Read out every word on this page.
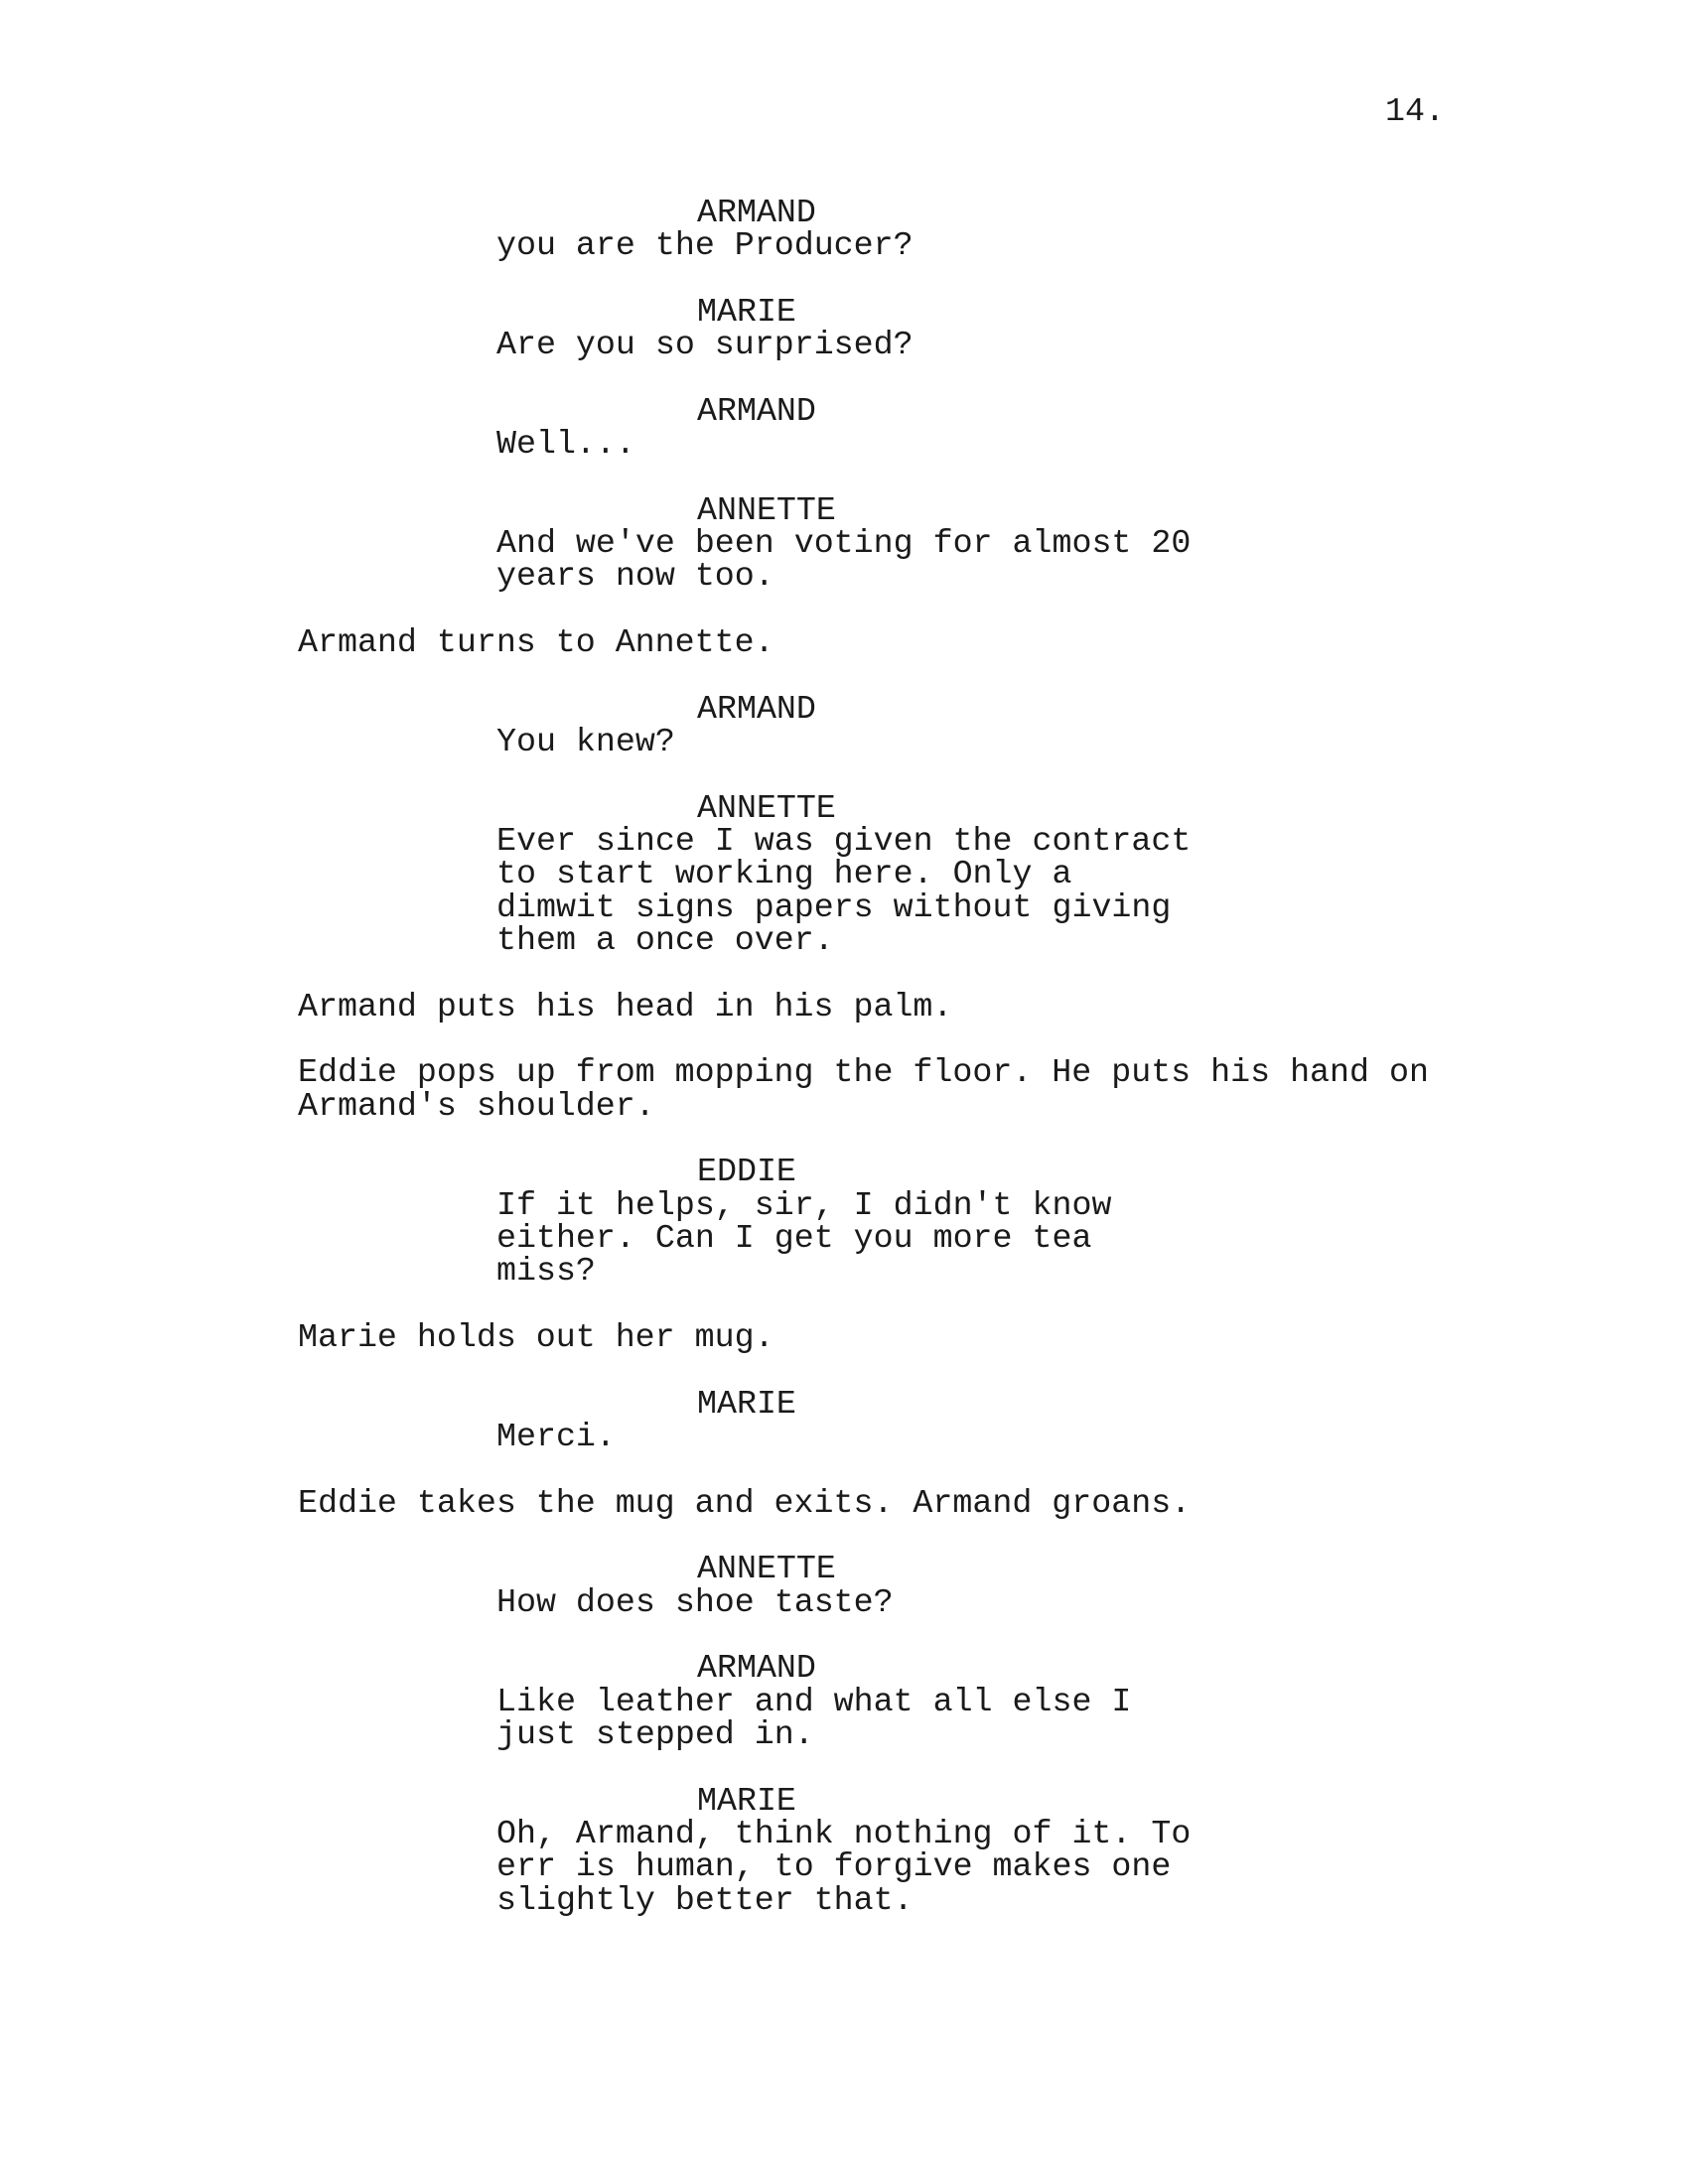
14.
ARMAND
you are the Producer?
MARIE
Are you so surprised?
ARMAND
Well...
ANNETTE
And we've been voting for almost 20
years now too.
Armand turns to Annette.
ARMAND
You knew?
ANNETTE
Ever since I was given the contract
to start working here. Only a
dimwit signs papers without giving
them a once over.
Armand puts his head in his palm.
Eddie pops up from mopping the floor. He puts his hand on
Armand's shoulder.
EDDIE
If it helps, sir, I didn't know
either. Can I get you more tea
miss?
Marie holds out her mug.
MARIE
Merci.
Eddie takes the mug and exits. Armand groans.
ANNETTE
How does shoe taste?
ARMAND
Like leather and what all else I
just stepped in.
MARIE
Oh, Armand, think nothing of it. To
err is human, to forgive makes one
slightly better that.
